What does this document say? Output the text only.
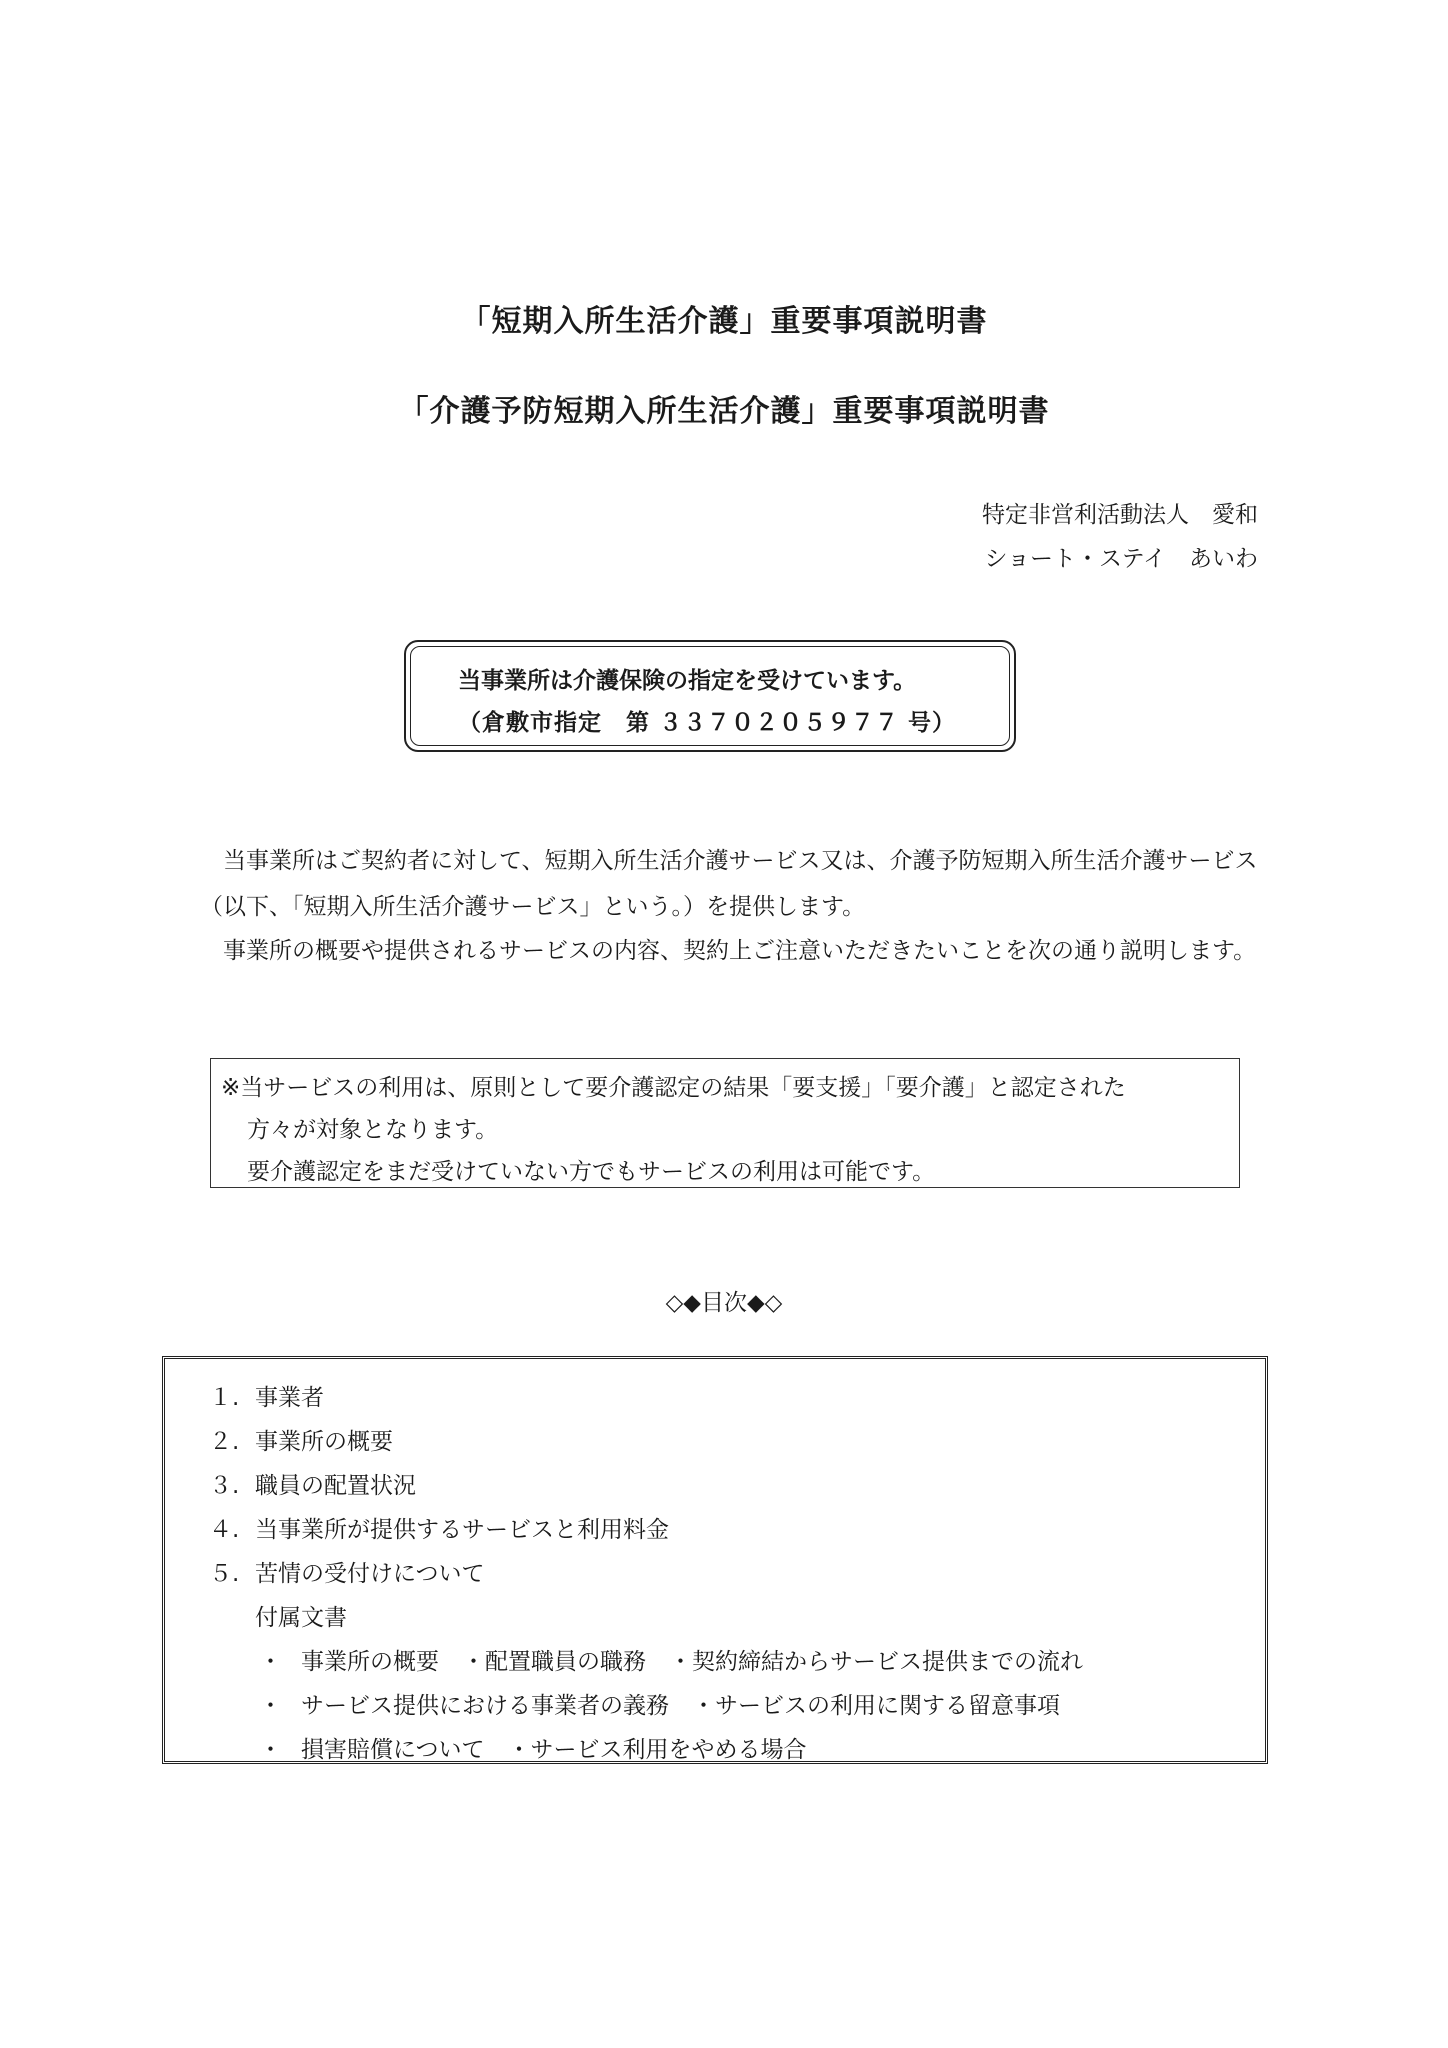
「短期入所生活介護」重要事項説明書
「介護予防短期入所生活介護」重要事項説明書

特定非営利活動法人　愛和

ショート・ステイ　あいわ

当事業所は介護保険の指定を受けています。

（倉敷市指定　第 ３３７０２０５９７７ 号）

当事業所はご契約者に対して、短期入所生活介護サービス又は、介護予防短期入所生活介護サービス（以下、「短期入所生活介護サービス」という。）を提供します。

事業所の概要や提供されるサービスの内容、契約上ご注意いただきたいことを次の通り説明します。

※当サービスの利用は、原則として要介護認定の結果「要支援」「要介護」と認定された

方々が対象となります。

要介護認定をまだ受けていない方でもサービスの利用は可能です。

◇◆目次◆◇

１. 事業者

２. 事業所の概要

３. 職員の配置状況

４. 当事業所が提供するサービスと利用料金

５. 苦情の受付けについて

付属文書

・ 事業所の概要　・配置職員の職務　・契約締結からサービス提供までの流れ

・ サービス提供における事業者の義務　・サービスの利用に関する留意事項

・ 損害賠償について　・サービス利用をやめる場合
